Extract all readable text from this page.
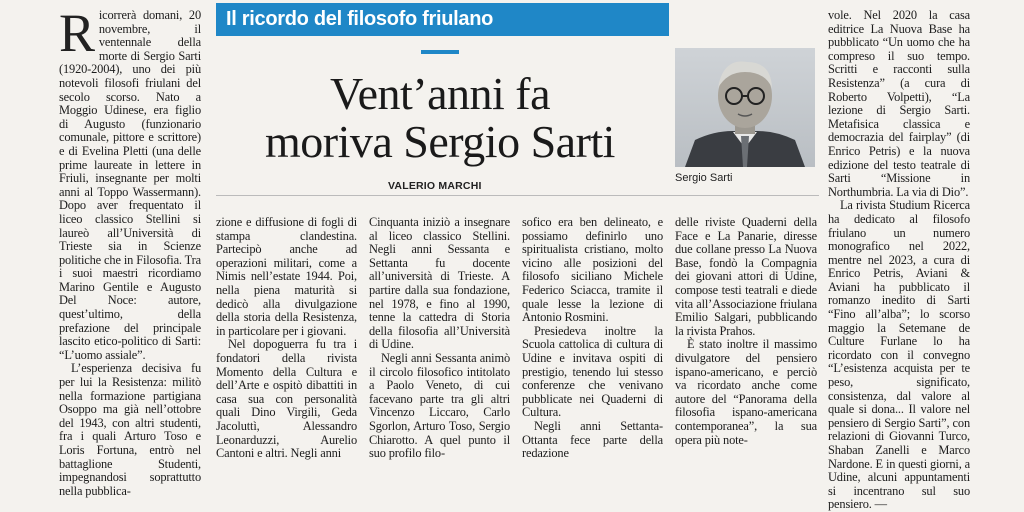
Il ricordo del filosofo friulano
Vent’anni fa
moriva Sergio Sarti
VALERIO MARCHI
Sergio Sarti

Ricorrerà domani, 20 novembre, il ventennale della morte di Sergio Sarti (1920-2004), uno dei più notevoli filosofi friulani del secolo scorso. Nato a Moggio Udinese, era figlio di Augusto (funzionario comunale, pittore e scrittore) e di Evelina Pletti (una delle prime laureate in lettere in Friuli, insegnante per molti anni al Toppo Wassermann). Dopo aver frequentato il liceo classico Stellini si laureò all’Università di Trieste sia in Scienze politiche che in Filosofia. Tra i suoi maestri ricordiamo Marino Gentile e Augusto Del Noce: autore, quest’ultimo, della prefazione del principale lascito etico-politico di Sarti: “L’uomo assiale”.

L’esperienza decisiva fu per lui la Resistenza: militò nella formazione partigiana Osoppo ma già nell’ottobre del 1943, con altri studenti, fra i quali Arturo Toso e Loris Fortuna, entrò nel battaglione Studenti, impegnandosi soprattutto nella pubblica-

zione e diffusione di fogli di stampa clandestina. Partecipò anche ad operazioni militari, come a Nimis nell’estate 1944. Poi, nella piena maturità si dedicò alla divulgazione della storia della Resistenza, in particolare per i giovani.

Nel dopoguerra fu tra i fondatori della rivista Momento della Cultura e dell’Arte e ospitò dibattiti in casa sua con personalità quali Dino Virgili, Geda Jacoluttì, Alessandro Leonarduzzi, Aurelio Cantoni e altri. Negli anni

Cinquanta iniziò a insegnare al liceo classico Stellini. Negli anni Sessanta e Settanta fu docente all’università di Trieste. A partire dalla sua fondazione, nel 1978, e fino al 1990, tenne la cattedra di Storia della filosofia all’Università di Udine.

Negli anni Sessanta animò il circolo filosofico intitolato a Paolo Veneto, di cui facevano parte tra gli altri Vincenzo Liccaro, Carlo Sgorlon, Arturo Toso, Sergio Chiarotto. A quel punto il suo profilo filo-

sofico era ben delineato, e possiamo definirlo uno spiritualista cristiano, molto vicino alle posizioni del filosofo siciliano Michele Federico Sciacca, tramite il quale lesse la lezione di Antonio Rosmini.

Presiedeva inoltre la Scuola cattolica di cultura di Udine e invitava ospiti di prestigio, tenendo lui stesso conferenze che venivano pubblicate nei Quaderni di Cultura.

Negli anni Settanta-Ottanta fece parte della redazione

delle riviste Quaderni della Face e La Panarie, diresse due collane presso La Nuova Base, fondò la Compagnia dei giovani attori di Udine, compose testi teatrali e diede vita all’Associazione friulana Emilio Salgari, pubblicando la rivista Prahos.

È stato inoltre il massimo divulgatore del pensiero ispano-americano, e perciò va ricordato anche come autore del “Panorama della filosofia ispano-americana contemporanea”, la sua opera più note-

vole. Nel 2020 la casa editrice La Nuova Base ha pubblicato “Un uomo che ha compreso il suo tempo. Scritti e racconti sulla Resistenza” (a cura di Roberto Volpetti), “La lezione di Sergio Sarti. Metafisica classica e democrazia del fairplay” (di Enrico Petris) e la nuova edizione del testo teatrale di Sarti “Missione in Northumbria. La via di Dio”.

La rivista Studium Ricerca ha dedicato al filosofo friulano un numero monografico nel 2022, mentre nel 2023, a cura di Enrico Petris, Aviani & Aviani ha pubblicato il romanzo inedito di Sarti “Fino all’alba”; lo scorso maggio la Setemane de Culture Furlane lo ha ricordato con il convegno “L’esistenza acquista per te peso, significato, consistenza, dal valore al quale si dona... Il valore nel pensiero di Sergio Sarti”, con relazioni di Giovanni Turco, Shaban Zanelli e Marco Nardone. E in questi giorni, a Udine, alcuni appuntamenti si incentrano sul suo pensiero. —
